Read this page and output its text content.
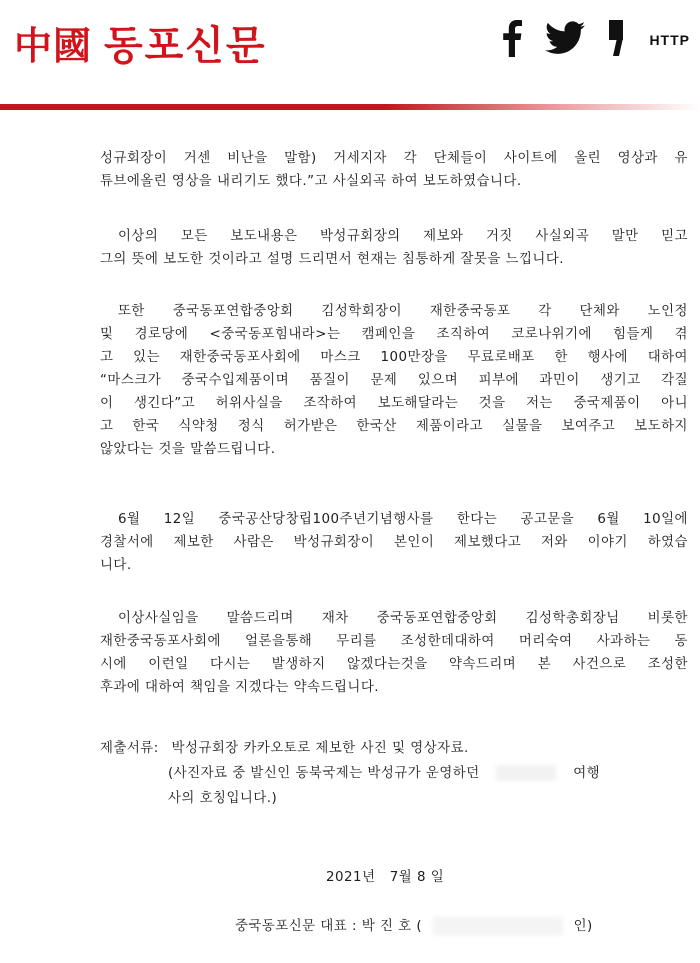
中國 동포신문	HTTP
성규회장이 거센 비난을 말함) 거세지자 각 단체들이 사이트에 올린 영상과 유
튜브에올린 영상을 내리기도 했다.”고 사실외곡 하여 보도하였습니다.
이상의 모든 보도내용은 박성규회장의 제보와 거짓 사실외곡 말만 믿고
그의 뜻에 보도한 것이라고 설명 드리면서 현재는 침통하게 잘못을 느낍니다.
또한 중국동포연합중앙회 김성학회장이 재한중국동포 각 단체와 노인정
및 경로당에 <중국동포힘내라>는 캠페인을 조직하여 코로나위기에 힘들게 겪
고 있는 재한중국동포사회에 마스크 100만장을 무료로배포 한 행사에 대하여
“마스크가 중국수입제품이며 품질이 문제 있으며 피부에 과민이 생기고 각질
이 생긴다”고 허위사실을 조작하여 보도해달라는 것을 저는 중국제품이 아니
고 한국 식약청 정식 허가받은 한국산 제품이라고 실물을 보여주고 보도하지
않았다는 것을 말씀드립니다.
6월 12일 중국공산당창립100주년기념행사를 한다는 공고문을 6월 10일에
경찰서에 제보한 사람은 박성규회장이 본인이 제보했다고 저와 이야기 하였습
니다.
이상사실임을 말씀드리며 재차 중국동포연합중앙회 김성학총회장님 비롯한
재한중국동포사회에 얼론을통해 무리를 조성한데대하여 머리숙여 사과하는 동
시에 이런일 다시는 발생하지 않겠다는것을 약속드리며 본 사건으로 조성한
후과에 대하여 책임을 지겠다는 약속드립니다.
제출서류: 박성규회장 카카오토로 제보한 사진 및 영상자료.
(사진자료 중 발신인 동북국제는 박성규가 운영하던	여행
사의 호칭입니다.)
2021년   7월 8 일
중국동포신문 대표 : 박 진 호 (	인)
